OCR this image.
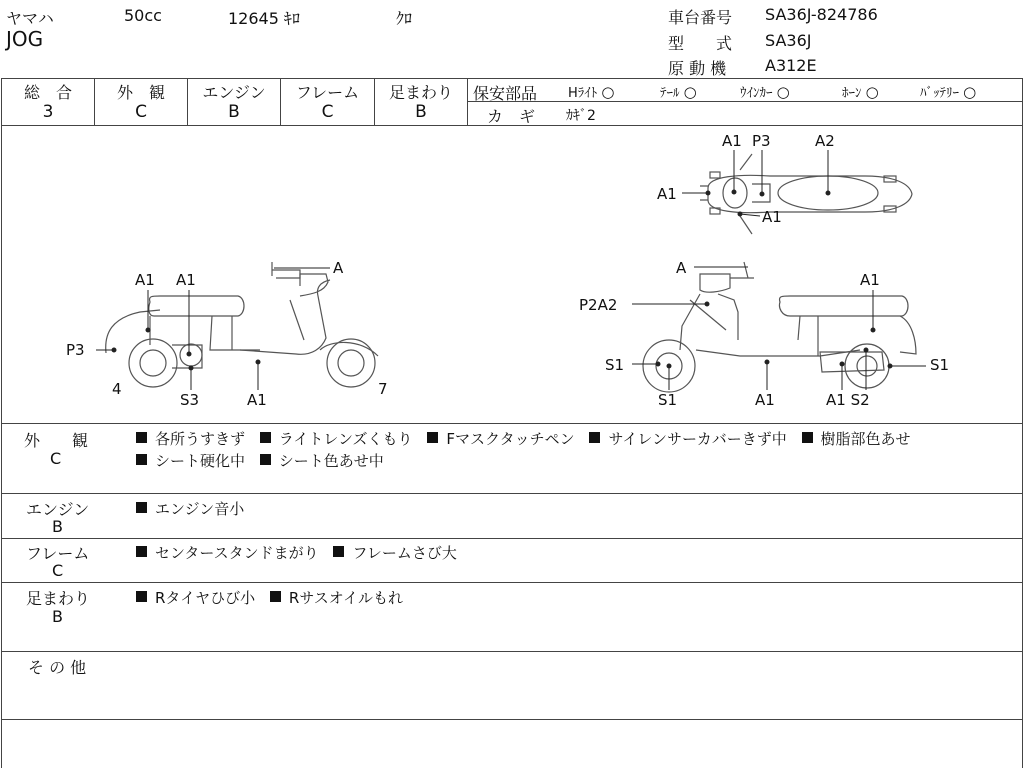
ヤマハ	50cc	12645 ｷﾛ	ｸﾛ
JOG
車台番号 SA36J-824786
型　　式 SA36J
原 動 機 A312E
総　合
3
外　観
C
エンジン
B
フレーム
C
足まわり
B
保安部品 Hﾗｲﾄ ○	ﾃｰﾙ ○	ｳｲﾝｶｰ ○	ﾎｰﾝ ○	ﾊﾞｯﾃﾘｰ ○
カ　ギ ｶｷﾞ2
A1
A1 P3	A2
A1
A1 A1
A
P3
4
S3	A1
7
A
A1
P2A2
S1
S1	A1	A1 S2
S1
外　　観
C
各所うすきず ライトレンズくもり Fマスクタッチペン サイレンサーカバーきず中 樹脂部色あせ
シート硬化中 シート色あせ中
エンジン
B
エンジン音小
フレーム
C
センタースタンドまがり フレームさび大
足まわり
B
Rタイヤひび小 Rサスオイルもれ
そ の 他
